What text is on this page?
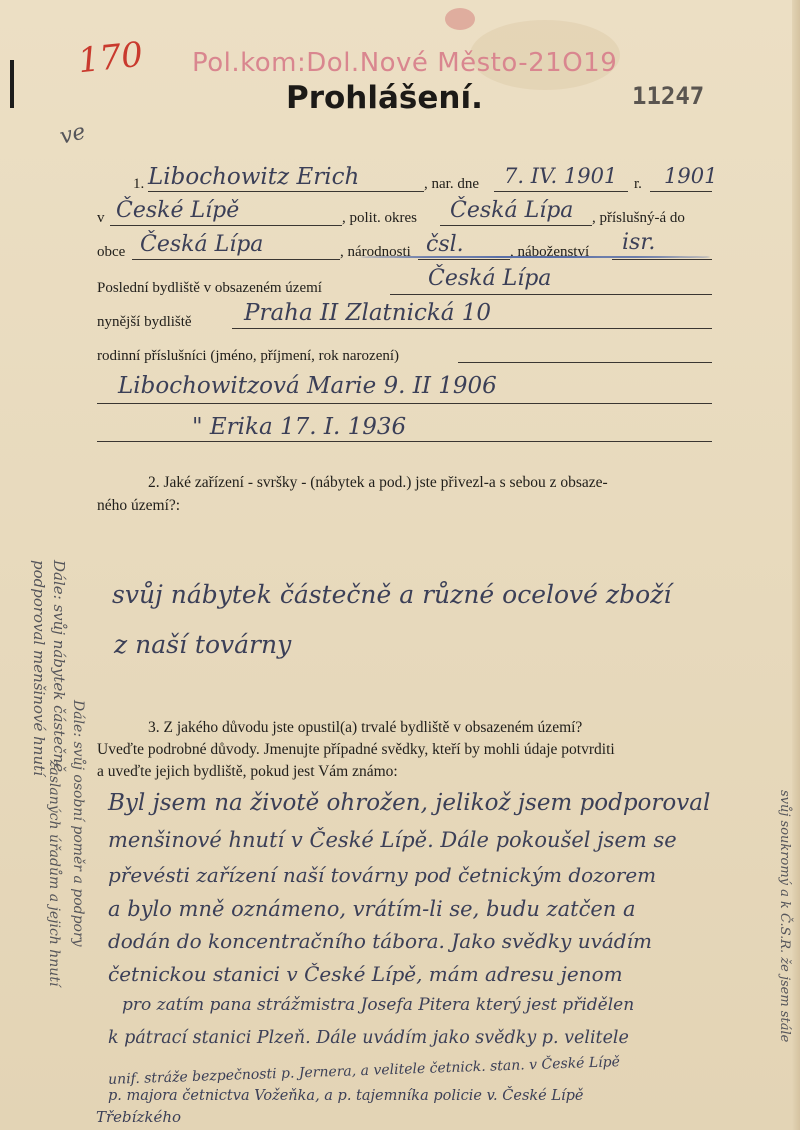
170 Pol.kom:Dol.Nové Město-21O19
11247
ve
Prohlášení.
1. Libochowitz Erich	, nar. dne 7. IV. 1901 r. 1901
v České Lípě	, polit. okres Česká Lípa , příslušný-á do
obce Česká Lípa	, národnosti čsl.	, náboženství isr.
Poslední bydliště v obsazeném území	Česká Lípa
nynější bydliště Praha II Zlatnická 10
rodinní příslušníci (jméno, příjmení, rok narození)
Libochowitzová Marie 9. II 1906
" Erika 17. I. 1936
2. Jaké zařízení - svršky - (nábytek a pod.) jste přivezl-a s sebou z obsaze-
ného území?:
svůj nábytek částečně a různé ocelové zboží
z naší továrny
3. Z jakého důvodu jste opustil(a) trvalé bydliště v obsazeném území?
Uveďte podrobné důvody. Jmenujte případné svědky, kteří by mohli údaje potvrditi
a uveďte jejich bydliště, pokud jest Vám známo:
Byl jsem na životě ohrožen, jelikož jsem podporoval
menšinové hnutí v České Lípě. Dále pokoušel jsem se
převésti zařízení naší továrny pod četnickým dozorem
a bylo mně oznámeno, vrátím-li se, budu zatčen a
dodán do koncentračního tábora. Jako svědky uvádím
četnickou stanici v České Lípě, mám adresu jenom
pro zatím pana strážmistra Josefa Pitera který jest přidělen
k pátrací stanici Plzeň. Dále uvádím jako svědky p. velitele
unif. stráže bezpečnosti p. Jernera, a velitele četnick. stan. v České Lípě
p. majora četnictva Vožeňka, a p. tajemníka policie v. České Lípě
Třebízkého
Dále: svůj nábytek částečně
podporoval menšinové hnutí
Dále: svůj osobní poměr a podpory
zaslaných úřadům a jejich hnutí	svůj soukromý a k Č.S.R. že jsem stále
